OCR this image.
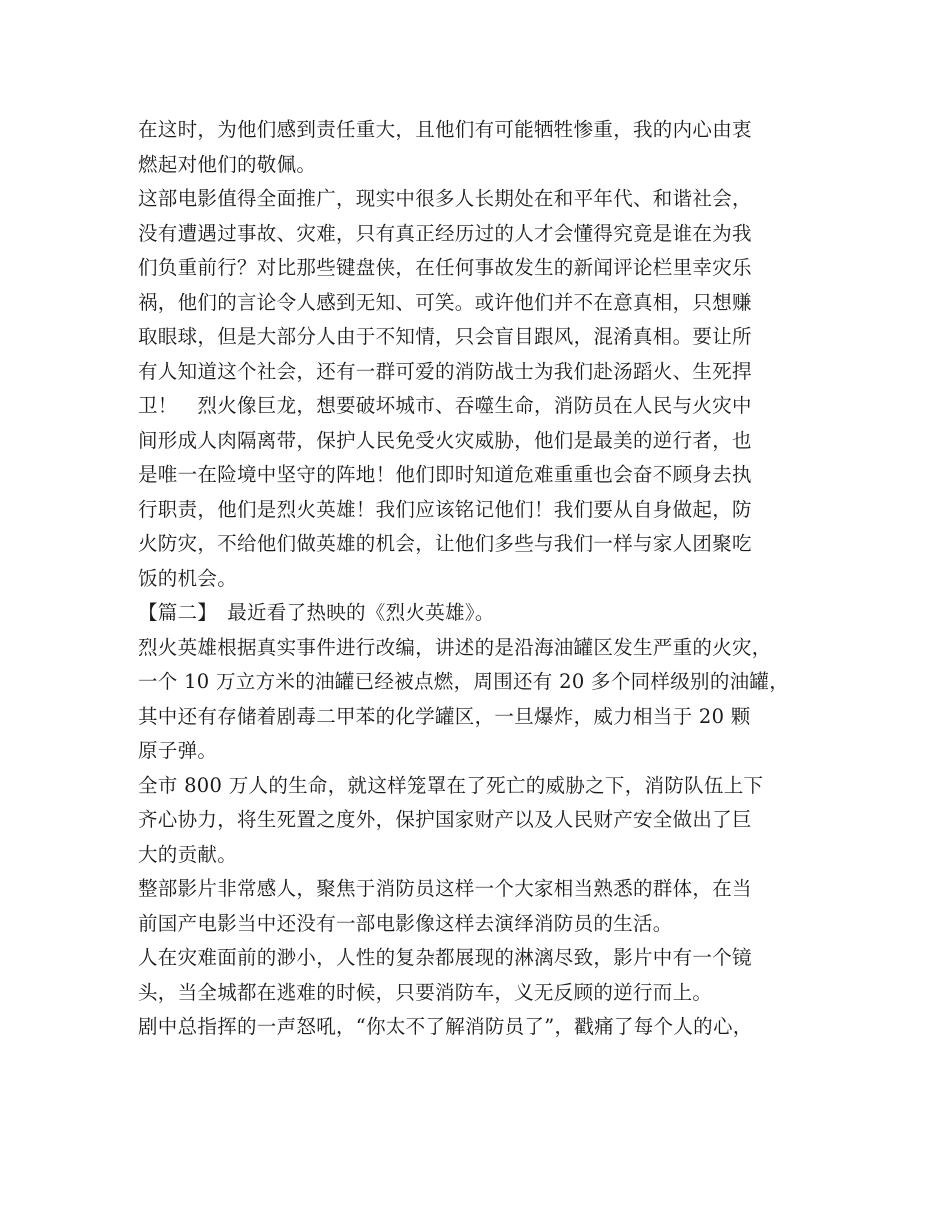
在这时，为他们感到责任重大，且他们有可能牺牲惨重，我的内心由衷
燃起对他们的敬佩。
这部电影值得全面推广，现实中很多人长期处在和平年代、和谐社会，
没有遭遇过事故、灾难，只有真正经历过的人才会懂得究竟是谁在为我
们负重前行？对比那些键盘侠，在任何事故发生的新闻评论栏里幸灾乐
祸，他们的言论令人感到无知、可笑。或许他们并不在意真相，只想赚
取眼球，但是大部分人由于不知情，只会盲目跟风，混淆真相。要让所
有人知道这个社会，还有一群可爱的消防战士为我们赴汤蹈火、生死捍
卫！　烈火像巨龙，想要破坏城市、吞噬生命，消防员在人民与火灾中
间形成人肉隔离带，保护人民免受火灾威胁，他们是最美的逆行者，也
是唯一在险境中坚守的阵地！他们即时知道危难重重也会奋不顾身去执
行职责，他们是烈火英雄！我们应该铭记他们！我们要从自身做起，防
火防灾，不给他们做英雄的机会，让他们多些与我们一样与家人团聚吃
饭的机会。
【篇二】　最近看了热映的《烈火英雄》。
烈火英雄根据真实事件进行改编，讲述的是沿海油罐区发生严重的火灾，
一个 10 万立方米的油罐已经被点燃，周围还有 20 多个同样级别的油罐，
其中还有存储着剧毒二甲苯的化学罐区，一旦爆炸，威力相当于 20 颗
原子弹。
全市 800 万人的生命，就这样笼罩在了死亡的威胁之下，消防队伍上下
齐心协力，将生死置之度外，保护国家财产以及人民财产安全做出了巨
大的贡献。
整部影片非常感人，聚焦于消防员这样一个大家相当熟悉的群体，在当
前国产电影当中还没有一部电影像这样去演绎消防员的生活。
人在灾难面前的渺小，人性的复杂都展现的淋漓尽致，影片中有一个镜
头，当全城都在逃难的时候，只要消防车，义无反顾的逆行而上。
剧中总指挥的一声怒吼，“你太不了解消防员了”，戳痛了每个人的心，
